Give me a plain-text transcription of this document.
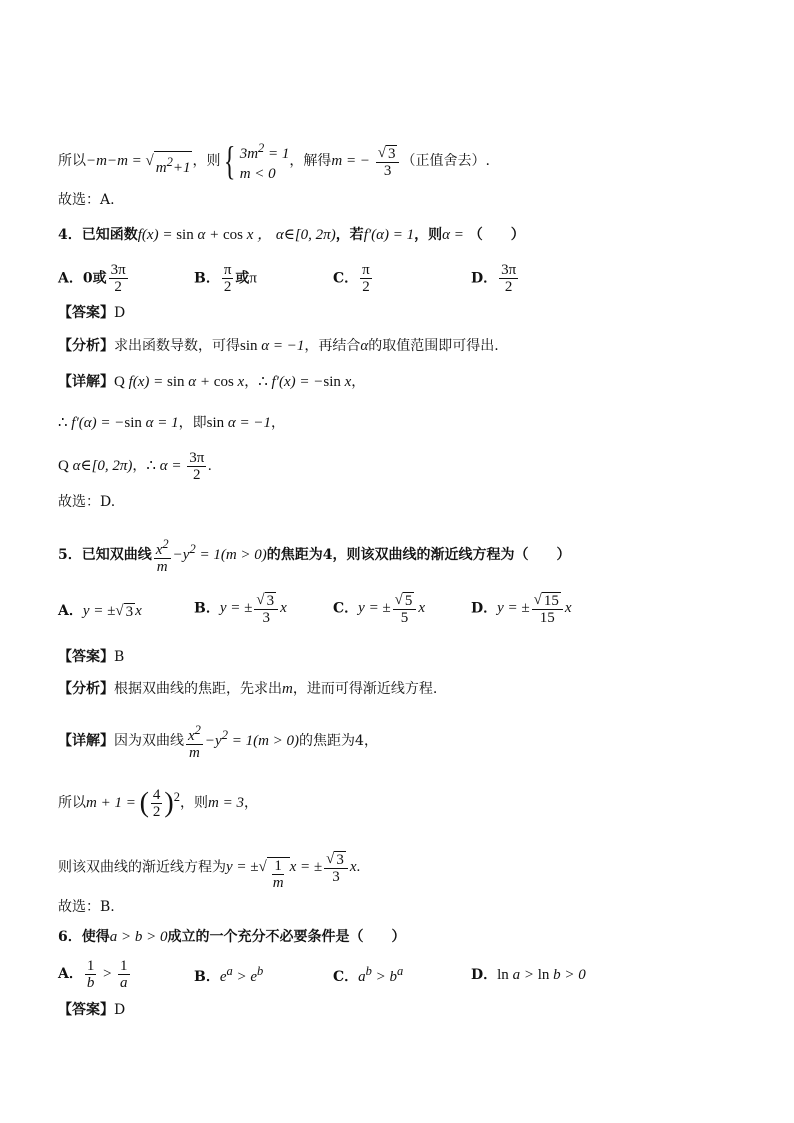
所以−m−m = √ $m^2+1$ ，则 { $3m^2 = 1$
m < 0
，解得m = − $\frac{√ 3}{3}$ （正值舍去）.
故选：A.
4．已知函数f(x) = sin α + cos x ， α∈[0, 2π)，若f′(α) = 1，则α = （　　）
A．0或 $\frac{3\pi}{2}$	B． $\frac{\pi}{2}$ 或π	C． $\frac{\pi}{2}$	D． $\frac{3\pi}{2}$
【答案】D
【分析】求出函数导数，可得sin α = −1，再结合α的取值范围即可得出.
【详解】Q f(x) = sin α + cos x，∴ f′(x) = −sin x，
∴ f′(α) = −sin α = 1，即sin α = −1，
Q α∈[0, 2π)，∴ $\alpha = \frac{3\pi}{2}$ .
故选：D.
5．已知双曲线 $\frac{x^2}{m} -y^2 = 1(m > 0)$的焦距为4，则该双曲线的渐近线方程为（　　）
A．y = ± √ 3 x	B．y = ± $\frac{√ 3}{3}$ x	C．y = ± $\frac{√ 5}{5}$ x	D．y = ± $\frac{√ 15}{15}$ x
【答案】B
【分析】根据双曲线的焦距，先求出m，进而可得渐近线方程.
【详解】因为双曲线 $\frac{x^2}{m} -y^2 = 1(m > 0)$的焦距为4，
所以m + 1 = ( $\frac{4}{2} )^2$，则m = 3，
则该双曲线的渐近线方程为y = ± √ $\frac{1}{m}$ x = ± $\frac{√ 3}{3} x$.
故选：B.
6．使得a > b > 0成立的一个充分不必要条件是（　　）
A． $\frac{1}{b} > \frac{1}{a}$	B．$e^a > e^b$	C．$a^b > b^a$	D．ln a > ln b > 0
【答案】D
